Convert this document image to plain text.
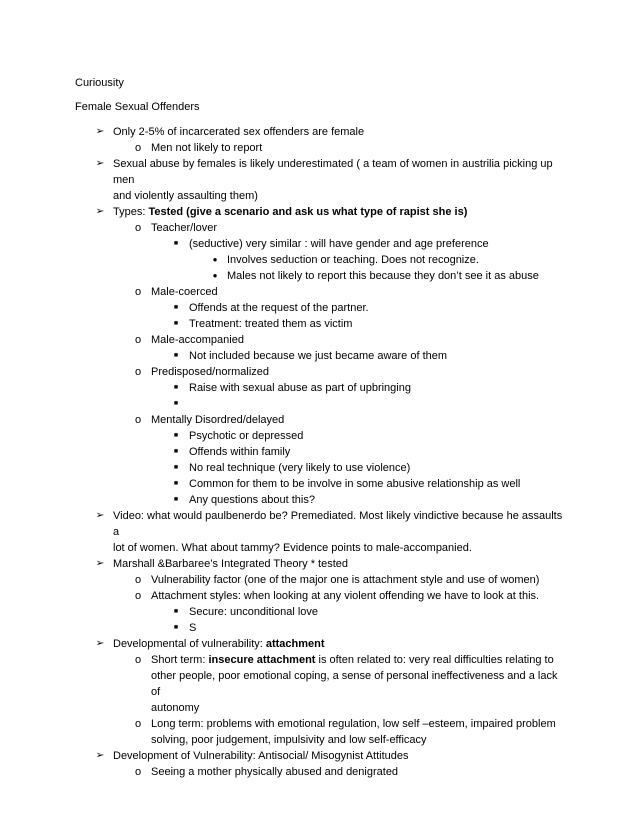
Curiousity

Female Sexual Offenders

➢ Only 2-5% of incarcerated sex offenders are female
o Men not likely to report
➢ Sexual abuse by females is likely underestimated ( a team of women in austrilia picking up men
and violently assaulting them)
➢ Types: Tested (give a scenario and ask us what type of rapist she is)
o Teacher/lover
■ (seductive) very similar : will have gender and age preference
● Involves seduction or teaching. Does not recognize.
● Males not likely to report this because they don’t see it as abuse
o Male-coerced
■ Offends at the request of the partner.
■ Treatment: treated them as victim
o Male-accompanied
■ Not included because we just became aware of them
o Predisposed/normalized
■ Raise with sexual abuse as part of upbringing
■
o Mentally Disordred/delayed
■ Psychotic or depressed
■ Offends within family
■ No real technique (very likely to use violence)
■ Common for them to be involve in some abusive relationship as well
■ Any questions about this?
➢ Video: what would paulbenerdo be? Premediated. Most likely vindictive because he assaults a
lot of women. What about tammy? Evidence points to male-accompanied.
➢ Marshall &Barbaree’s Integrated Theory * tested
o Vulnerability factor (one of the major one is attachment style and use of women)
o Attachment styles: when looking at any violent offending we have to look at this.
■ Secure: unconditional love
■ S
➢ Developmental of vulnerability: attachment
o Short term: insecure attachment is often related to: very real difficulties relating to
other people, poor emotional coping, a sense of personal ineffectiveness and a lack of
autonomy
o Long term: problems with emotional regulation, low self –esteem, impaired problem
solving, poor judgement, impulsivity and low self-efficacy
➢ Development of Vulnerability: Antisocial/ Misogynist Attitudes
o Seeing a mother physically abused and denigrated
